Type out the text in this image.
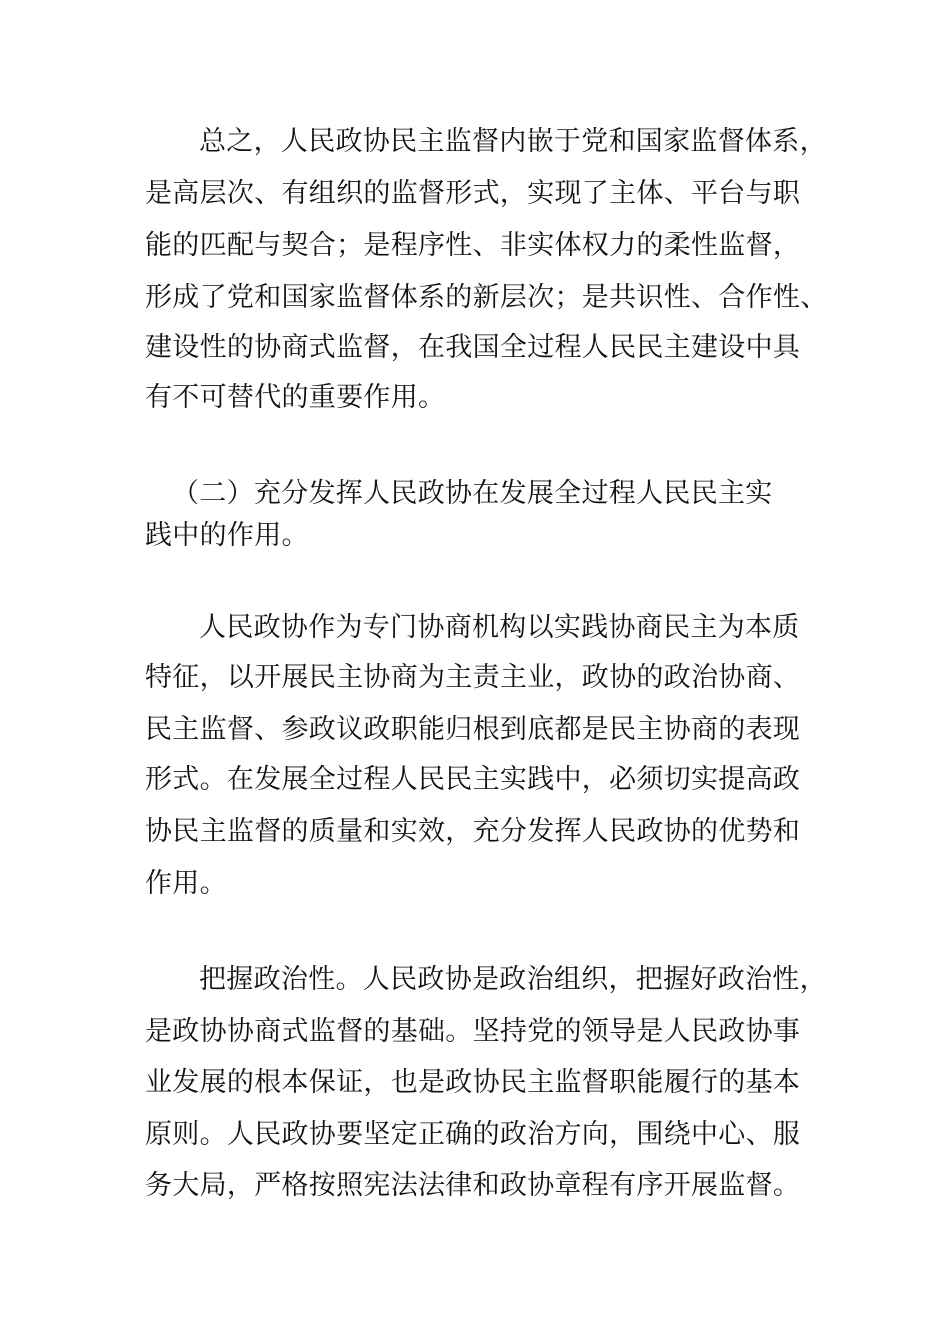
总之，人民政协民主监督内嵌于党和国家监督体系，
是高层次、有组织的监督形式，实现了主体、平台与职
能的匹配与契合；是程序性、非实体权力的柔性监督，
形成了党和国家监督体系的新层次；是共识性、合作性、
建设性的协商式监督，在我国全过程人民民主建设中具
有不可替代的重要作用。
（二）充分发挥人民政协在发展全过程人民民主实
践中的作用。
人民政协作为专门协商机构以实践协商民主为本质
特征，以开展民主协商为主责主业，政协的政治协商、
民主监督、参政议政职能归根到底都是民主协商的表现
形式。在发展全过程人民民主实践中，必须切实提高政
协民主监督的质量和实效，充分发挥人民政协的优势和
作用。
把握政治性。人民政协是政治组织，把握好政治性，
是政协协商式监督的基础。坚持党的领导是人民政协事
业发展的根本保证，也是政协民主监督职能履行的基本
原则。人民政协要坚定正确的政治方向，围绕中心、服
务大局，严格按照宪法法律和政协章程有序开展监督。
